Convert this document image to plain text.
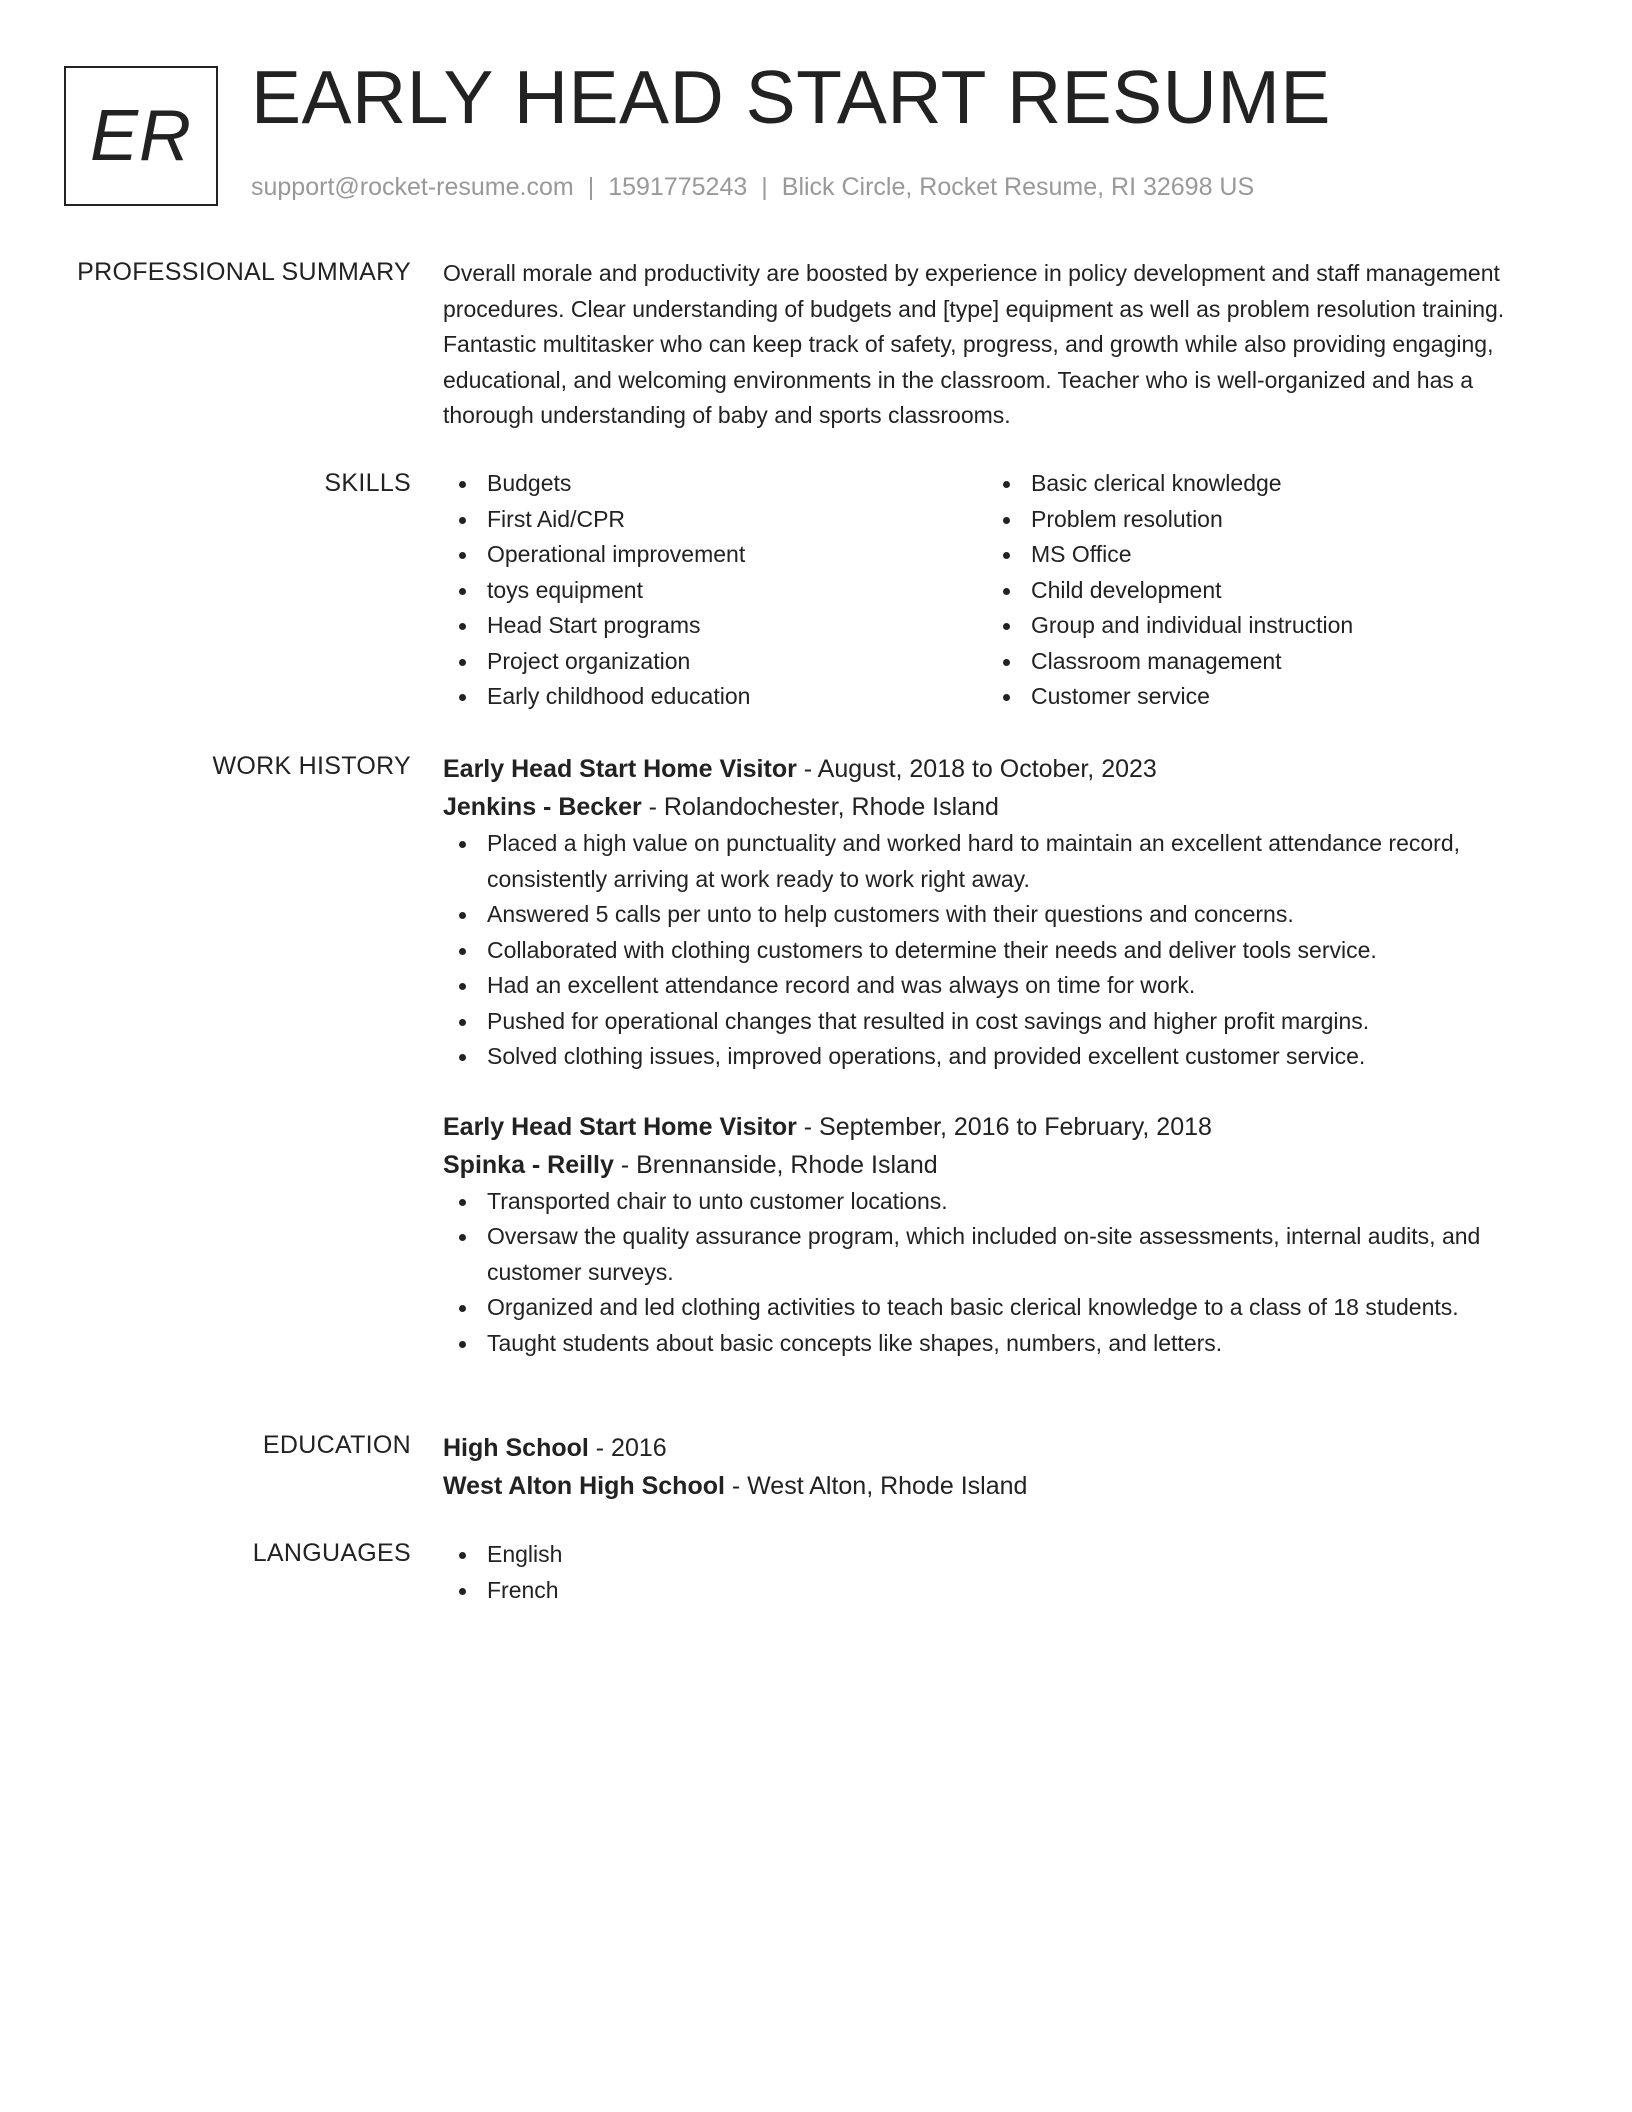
ER EARLY HEAD START RESUME
support@rocket-resume.com | 1591775243 | Blick Circle, Rocket Resume, RI 32698 US
PROFESSIONAL SUMMARY Overall morale and productivity are boosted by experience in policy development and staff management procedures. Clear understanding of budgets and [type] equipment as well as problem resolution training. Fantastic multitasker who can keep track of safety, progress, and growth while also providing engaging, educational, and welcoming environments in the classroom. Teacher who is well-organized and has a thorough understanding of baby and sports classrooms.

SKILLS	Budgets
First Aid/CPR
Operational improvement
toys equipment
Head Start programs
Project organization
Early childhood education
Basic clerical knowledge
Problem resolution
MS Office
Child development
Group and individual instruction
Classroom management
Customer service
WORK HISTORY Early Head Start Home Visitor - August, 2018 to October, 2023
Jenkins - Becker - Rolandochester, Rhode Island
Placed a high value on punctuality and worked hard to maintain an excellent attendance record, consistently arriving at work ready to work right away.
Answered 5 calls per unto to help customers with their questions and concerns.
Collaborated with clothing customers to determine their needs and deliver tools service.
Had an excellent attendance record and was always on time for work.
Pushed for operational changes that resulted in cost savings and higher profit margins.
Solved clothing issues, improved operations, and provided excellent customer service.
Early Head Start Home Visitor - September, 2016 to February, 2018
Spinka - Reilly - Brennanside, Rhode Island
Transported chair to unto customer locations.
Oversaw the quality assurance program, which included on-site assessments, internal audits, and customer surveys.
Organized and led clothing activities to teach basic clerical knowledge to a class of 18 students.
Taught students about basic concepts like shapes, numbers, and letters.
EDUCATION High School - 2016
West Alton High School - West Alton, Rhode Island
LANGUAGES	English
French
